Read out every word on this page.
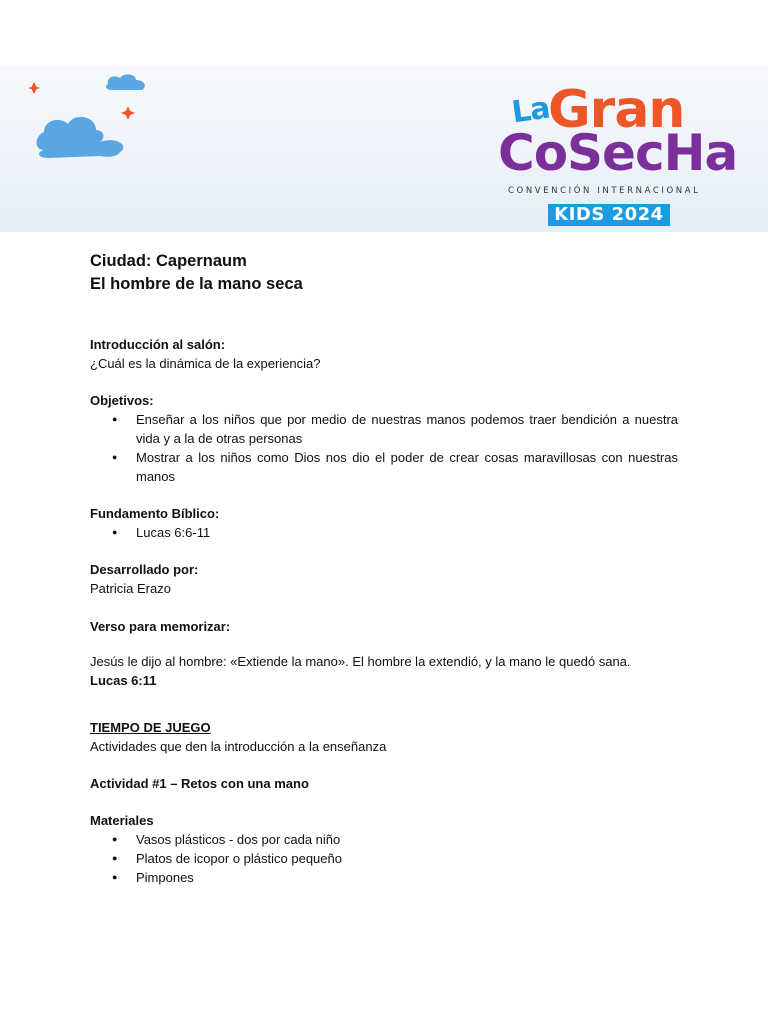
La
Gran
CoSecHa
CONVENCIÓN INTERNACIONAL
KIDS 2024

Ciudad: Capernaum

El hombre de la mano seca

Introducción al salón:

¿Cuál es la dinámica de la experiencia?

Objetivos:

● Enseñar a los niños que por medio de nuestras manos podemos traer bendición a nuestra vida y a la de otras personas
● Mostrar a los niños como Dios nos dio el poder de crear cosas maravillosas con nuestras manos

Fundamento Bíblico:

● Lucas 6:6-11

Desarrollado por:

Patricia Erazo

Verso para memorizar:

Jesús le dijo al hombre: «Extiende la mano». El hombre la extendió, y la mano le quedó sana.

Lucas 6:11

TIEMPO DE JUEGO

Actividades que den la introducción a la enseñanza

Actividad #1 – Retos con una mano

Materiales

● Vasos plásticos - dos por cada niño
● Platos de icopor o plástico pequeño
● Pimpones
